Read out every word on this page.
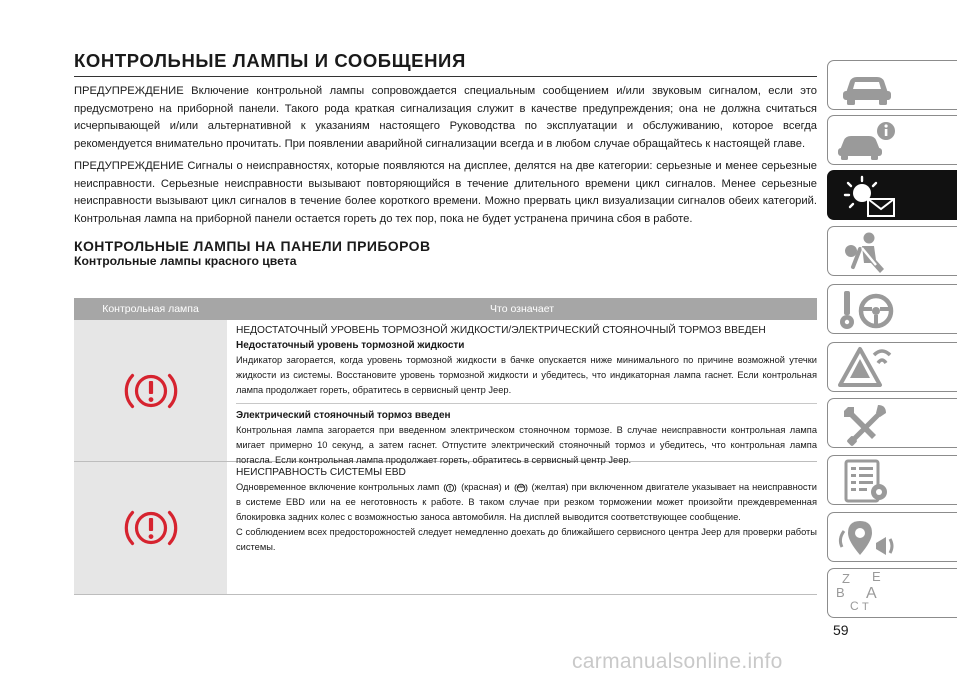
КОНТРОЛЬНЫЕ ЛАМПЫ И СООБЩЕНИЯ

ПРЕДУПРЕЖДЕНИЕ Включение контрольной лампы сопровождается специальным сообщением и/или звуковым сигналом, если это предусмотрено на приборной панели. Такого рода краткая сигнализация служит в качестве предупреждения; она не должна считаться исчерпывающей и/или альтернативной к указаниям настоящего Руководства по эксплуатации и обслуживанию, которое всегда рекомендуется внимательно прочитать. При появлении аварийной сигнализации всегда и в любом случае обращайтесь к настоящей главе.

ПРЕДУПРЕЖДЕНИЕ Сигналы о неисправностях, которые появляются на дисплее, делятся на две категории: серьезные и менее серьезные неисправности. Серьезные неисправности вызывают повторяющийся в течение длительного времени цикл сигналов. Менее серьезные неисправности вызывают цикл сигналов в течение более короткого времени. Можно прервать цикл визуализации сигналов обеих категорий. Контрольная лампа на приборной панели остается гореть до тех пор, пока не будет устранена причина сбоя в работе.

КОНТРОЛЬНЫЕ ЛАМПЫ НА ПАНЕЛИ ПРИБОРОВ
Контрольные лампы красного цвета
Контрольная лампа	Что означает

НЕДОСТАТОЧНЫЙ УРОВЕНЬ ТОРМОЗНОЙ ЖИДКОСТИ/ЭЛЕКТРИЧЕСКИЙ СТОЯНОЧНЫЙ ТОРМОЗ ВВЕДЕН

Недостаточный уровень тормозной жидкости

Индикатор загорается, когда уровень тормозной жидкости в бачке опускается ниже минимального по причине возможной утечки жидкости из системы. Восстановите уровень тормозной жидкости и убедитесь, что индикаторная лампа гаснет. Если контрольная лампа продолжает гореть, обратитесь в сервисный центр Jeep.

Электрический стояночный тормоз введен

Контрольная лампа загорается при введенном электрическом стояночном тормозе. В случае неисправности контрольная лампа мигает примерно 10 секунд, а затем гаснет. Отпустите электрический стояночный тормоз и убедитесь, что контрольная лампа погасла. Если контрольная лампа продолжает гореть, обратитесь в сервисный центр Jeep.

НЕИСПРАВНОСТЬ СИСТЕМЫ EBD

Одновременное включение контрольных ламп (красная) и	ABS (желтая) при включенном двигателе указывает на неисправности в системе EBD или на ее неготовность к работе. В таком случае при резком торможении может произойти преждевременная блокировка задних колес с возможностью заноса автомобиля. На дисплей выводится соответствующее сообщение.

С соблюдением всех предосторожностей следует немедленно доехать до ближайшего сервисного центра Jeep для проверки работы системы.

59
Z E
B A
C T
carmanualsonline.info
